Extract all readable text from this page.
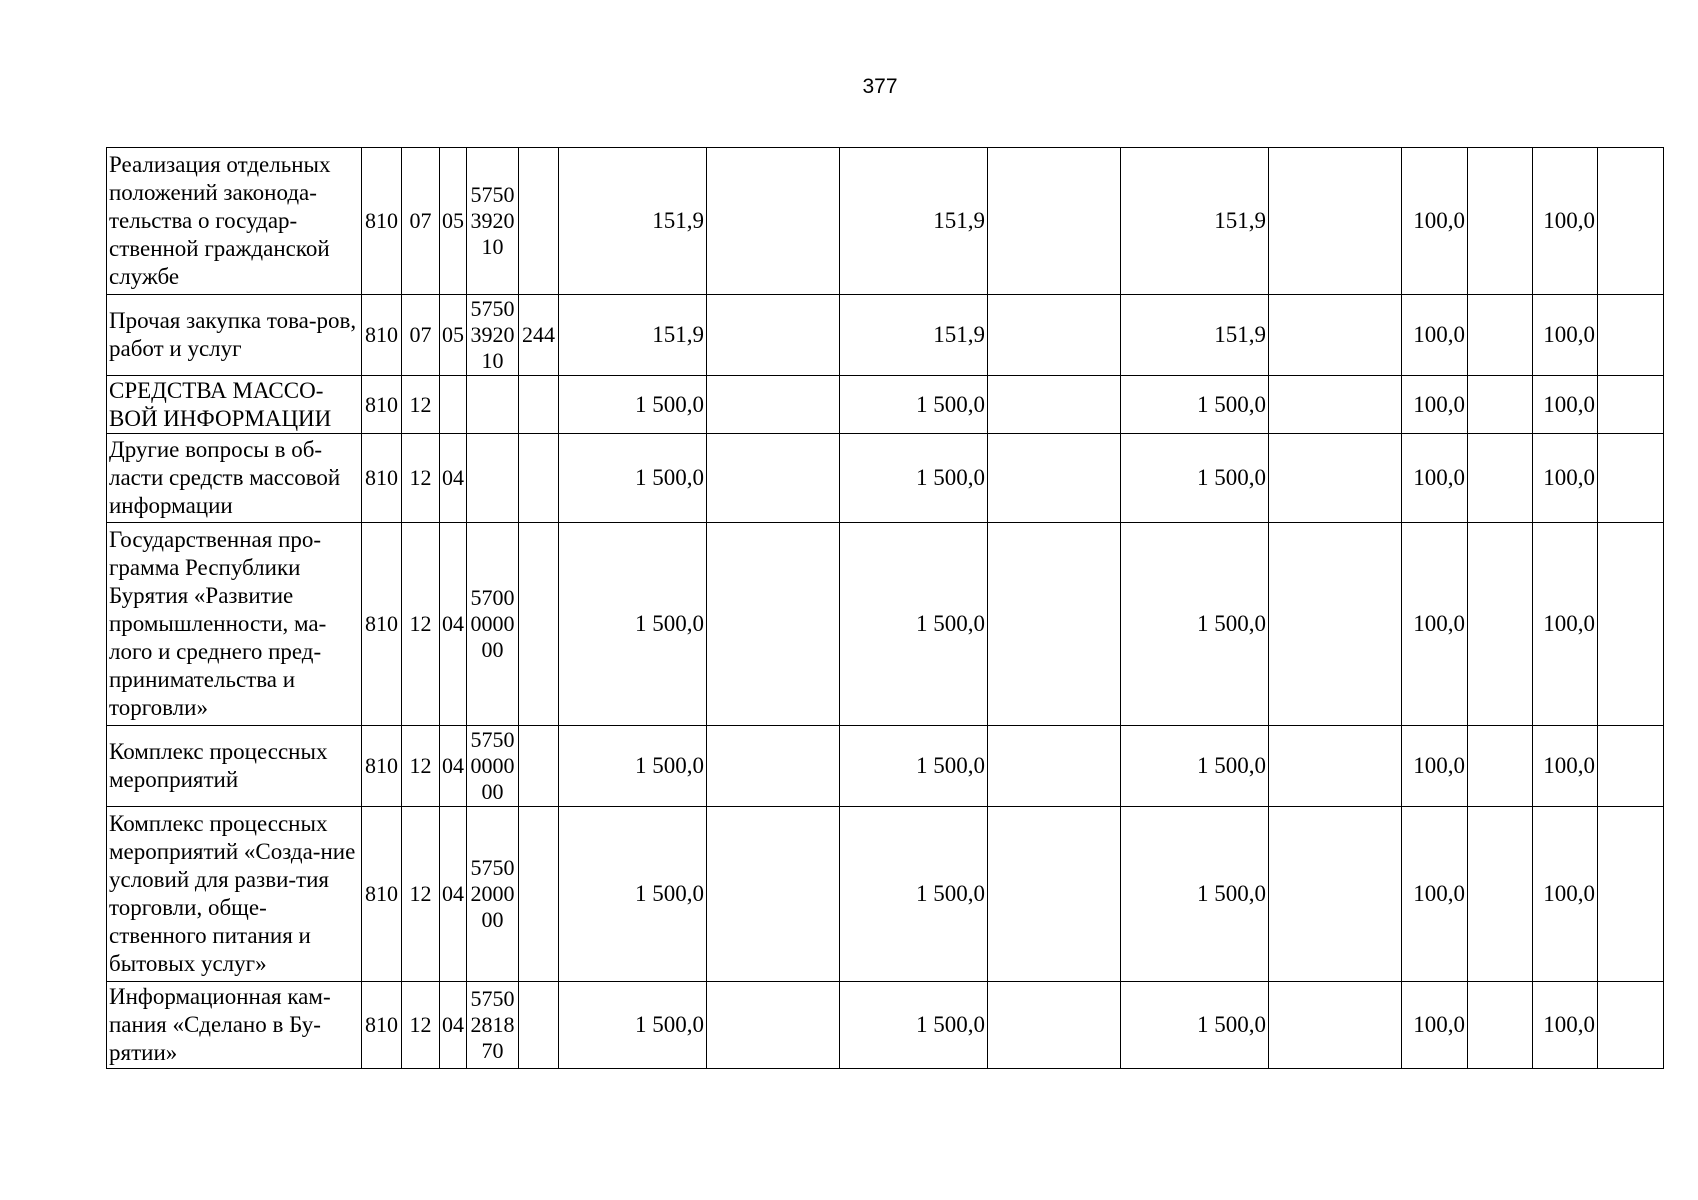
377
Реализация отдельных положений законода-тельства о государ-ственной гражданской службе	810	07	05	5750392010		151,9		151,9		151,9		100,0		100,0	
Прочая закупка това-ров, работ и услуг	810	07	05	5750392010	244	151,9		151,9		151,9		100,0		100,0	
СРЕДСТВА МАССО-ВОЙ ИНФОРМАЦИИ	810	12				1 500,0		1 500,0		1 500,0		100,0		100,0	
Другие вопросы в об-ласти средств массовой информации	810	12	04			1 500,0		1 500,0		1 500,0		100,0		100,0	
Государственная про-грамма Республики Бурятия «Развитие промышленности, ма-лого и среднего пред-принимательства и торговли»	810	12	04	5700000000		1 500,0		1 500,0		1 500,0		100,0		100,0	
Комплекс процессных мероприятий	810	12	04	5750000000		1 500,0		1 500,0		1 500,0		100,0		100,0	
Комплекс процессных мероприятий «Созда-ние условий для разви-тия торговли, обще-ственного питания и бытовых услуг»	810	12	04	5750200000		1 500,0		1 500,0		1 500,0		100,0		100,0	
Информационная кам-пания «Сделано в Бу-рятии»	810	12	04	5750281870		1 500,0		1 500,0		1 500,0		100,0		100,0	
